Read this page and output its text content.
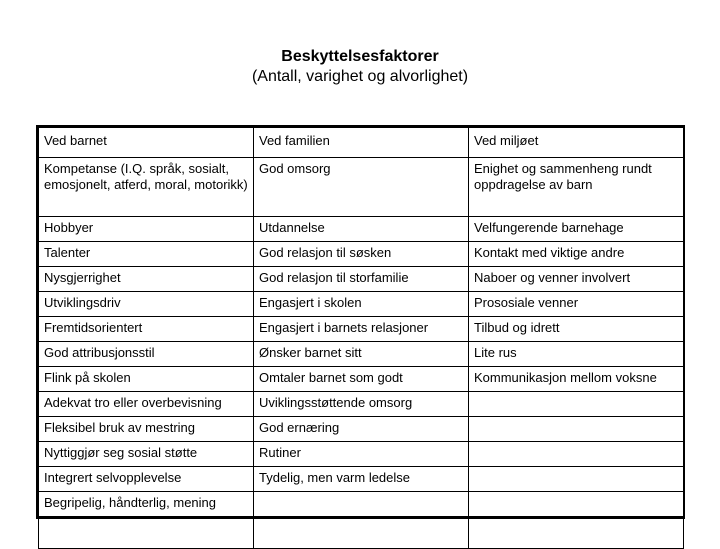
Beskyttelsesfaktorer
(Antall, varighet og alvorlighet)
Ved barnet	Ved familien	Ved miljøet
Kompetanse (I.Q. språk, sosialt, emosjonelt, atferd, moral, motorikk)	God omsorg	Enighet og sammenheng rundt oppdragelse av barn
Hobbyer	Utdannelse	Velfungerende barnehage
Talenter	God relasjon til søsken	Kontakt med viktige andre
Nysgjerrighet	God relasjon til storfamilie	Naboer og venner involvert
Utviklingsdriv	Engasjert i skolen	Prososiale venner
Fremtidsorientert	Engasjert i barnets relasjoner	Tilbud og idrett
God attribusjonsstil	Ønsker barnet sitt	Lite rus
Flink på skolen	Omtaler barnet som godt	Kommunikasjon mellom voksne
Adekvat tro eller overbevisning	Uviklingsstøttende omsorg	
Fleksibel bruk av mestring	God ernæring	
Nyttiggjør seg sosial støtte	Rutiner	
Integrert selvopplevelse	Tydelig, men varm ledelse	
Begripelig, håndterlig, mening		
